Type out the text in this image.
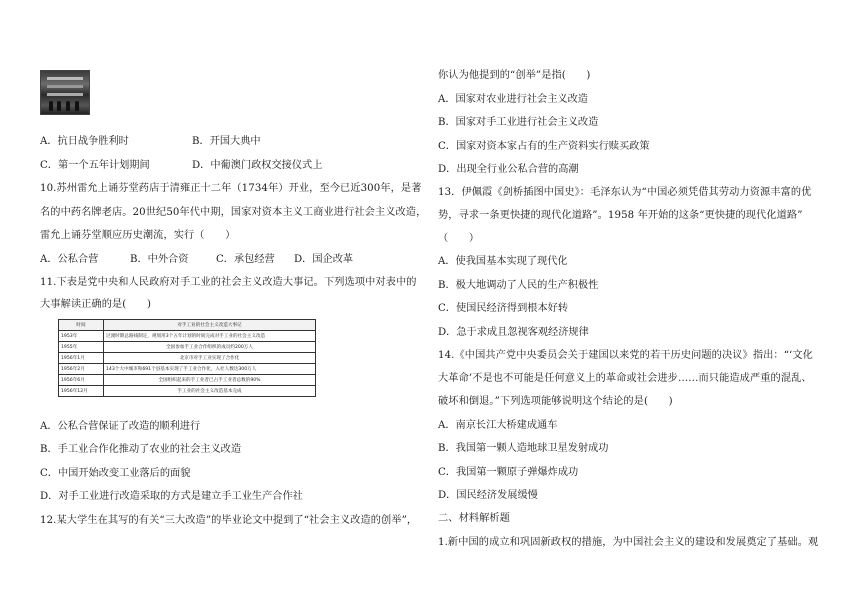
A．抗日战争胜利时	B．开国大典中
C．第一个五年计划期间	D．中葡澳门政权交接仪式上
10.苏州雷允上诵芬堂药店于清雍正十二年（1734年）开业，至今已近300年，是著
名的中药名牌老店。20世纪50年代中期，国家对资本主义工商业进行社会主义改造，
雷允上诵芬堂顺应历史潮流，实行（　　）
A．公私合营	B．中外合资	C．承包经营 D．国企改革
11.下表是党中央和人民政府对手工业的社会主义改造大事记。下列选项中对表中的
大事解读正确的是(　　)
时间	对手工业的社会主义改造大事记
1953年	过渡时期总路线制定，规划用3个五年计划的时间完成对手工业的社会主义改造
1955年	全国参加手工业合作组织的成员约200万人
1956年1月	北京市对手工业实现了合作化
1956年2月	143个大中城市和691个县基本实现了手工业合作化，入社人数达300万人
1956年6月	全国组织起来的手工业者已占手工业者总数的90%
1956年12月	手工业的社会主义改造基本完成
A．公私合营保证了改造的顺利进行
B．手工业合作化推动了农业的社会主义改造
C．中国开始改变工业落后的面貌
D．对手工业进行改造采取的方式是建立手工业生产合作社
12.某大学生在其写的有关“三大改造”的毕业论文中提到了“社会主义改造的创举”，
你认为他提到的“创举”是指(　　)
A．国家对农业进行社会主义改造
B．国家对手工业进行社会主义改造
C．国家对资本家占有的生产资料实行赎买政策
D．出现全行业公私合营的高潮
13．伊佩霞《剑桥插图中国史》：毛泽东认为“中国必须凭借其劳动力资源丰富的优
势，寻求一条更快捷的现代化道路”。1958 年开始的这条“更快捷的现代化道路”
（　　）
A．使我国基本实现了现代化
B．极大地调动了人民的生产积极性
C．使国民经济得到根本好转
D．急于求成且忽视客观经济规律
14.《中国共产党中央委员会关于建国以来党的若干历史问题的决议》指出：“‘文化
大革命’不是也不可能是任何意义上的革命或社会进步……而只能造成严重的混乱、
破坏和倒退。”下列选项能够说明这个结论的是(　　)
A．南京长江大桥建成通车
B．我国第一颗人造地球卫星发射成功
C．我国第一颗原子弹爆炸成功
D．国民经济发展缓慢
二、材料解析题
1.新中国的成立和巩固新政权的措施，为中国社会主义的建设和发展奠定了基础。观
